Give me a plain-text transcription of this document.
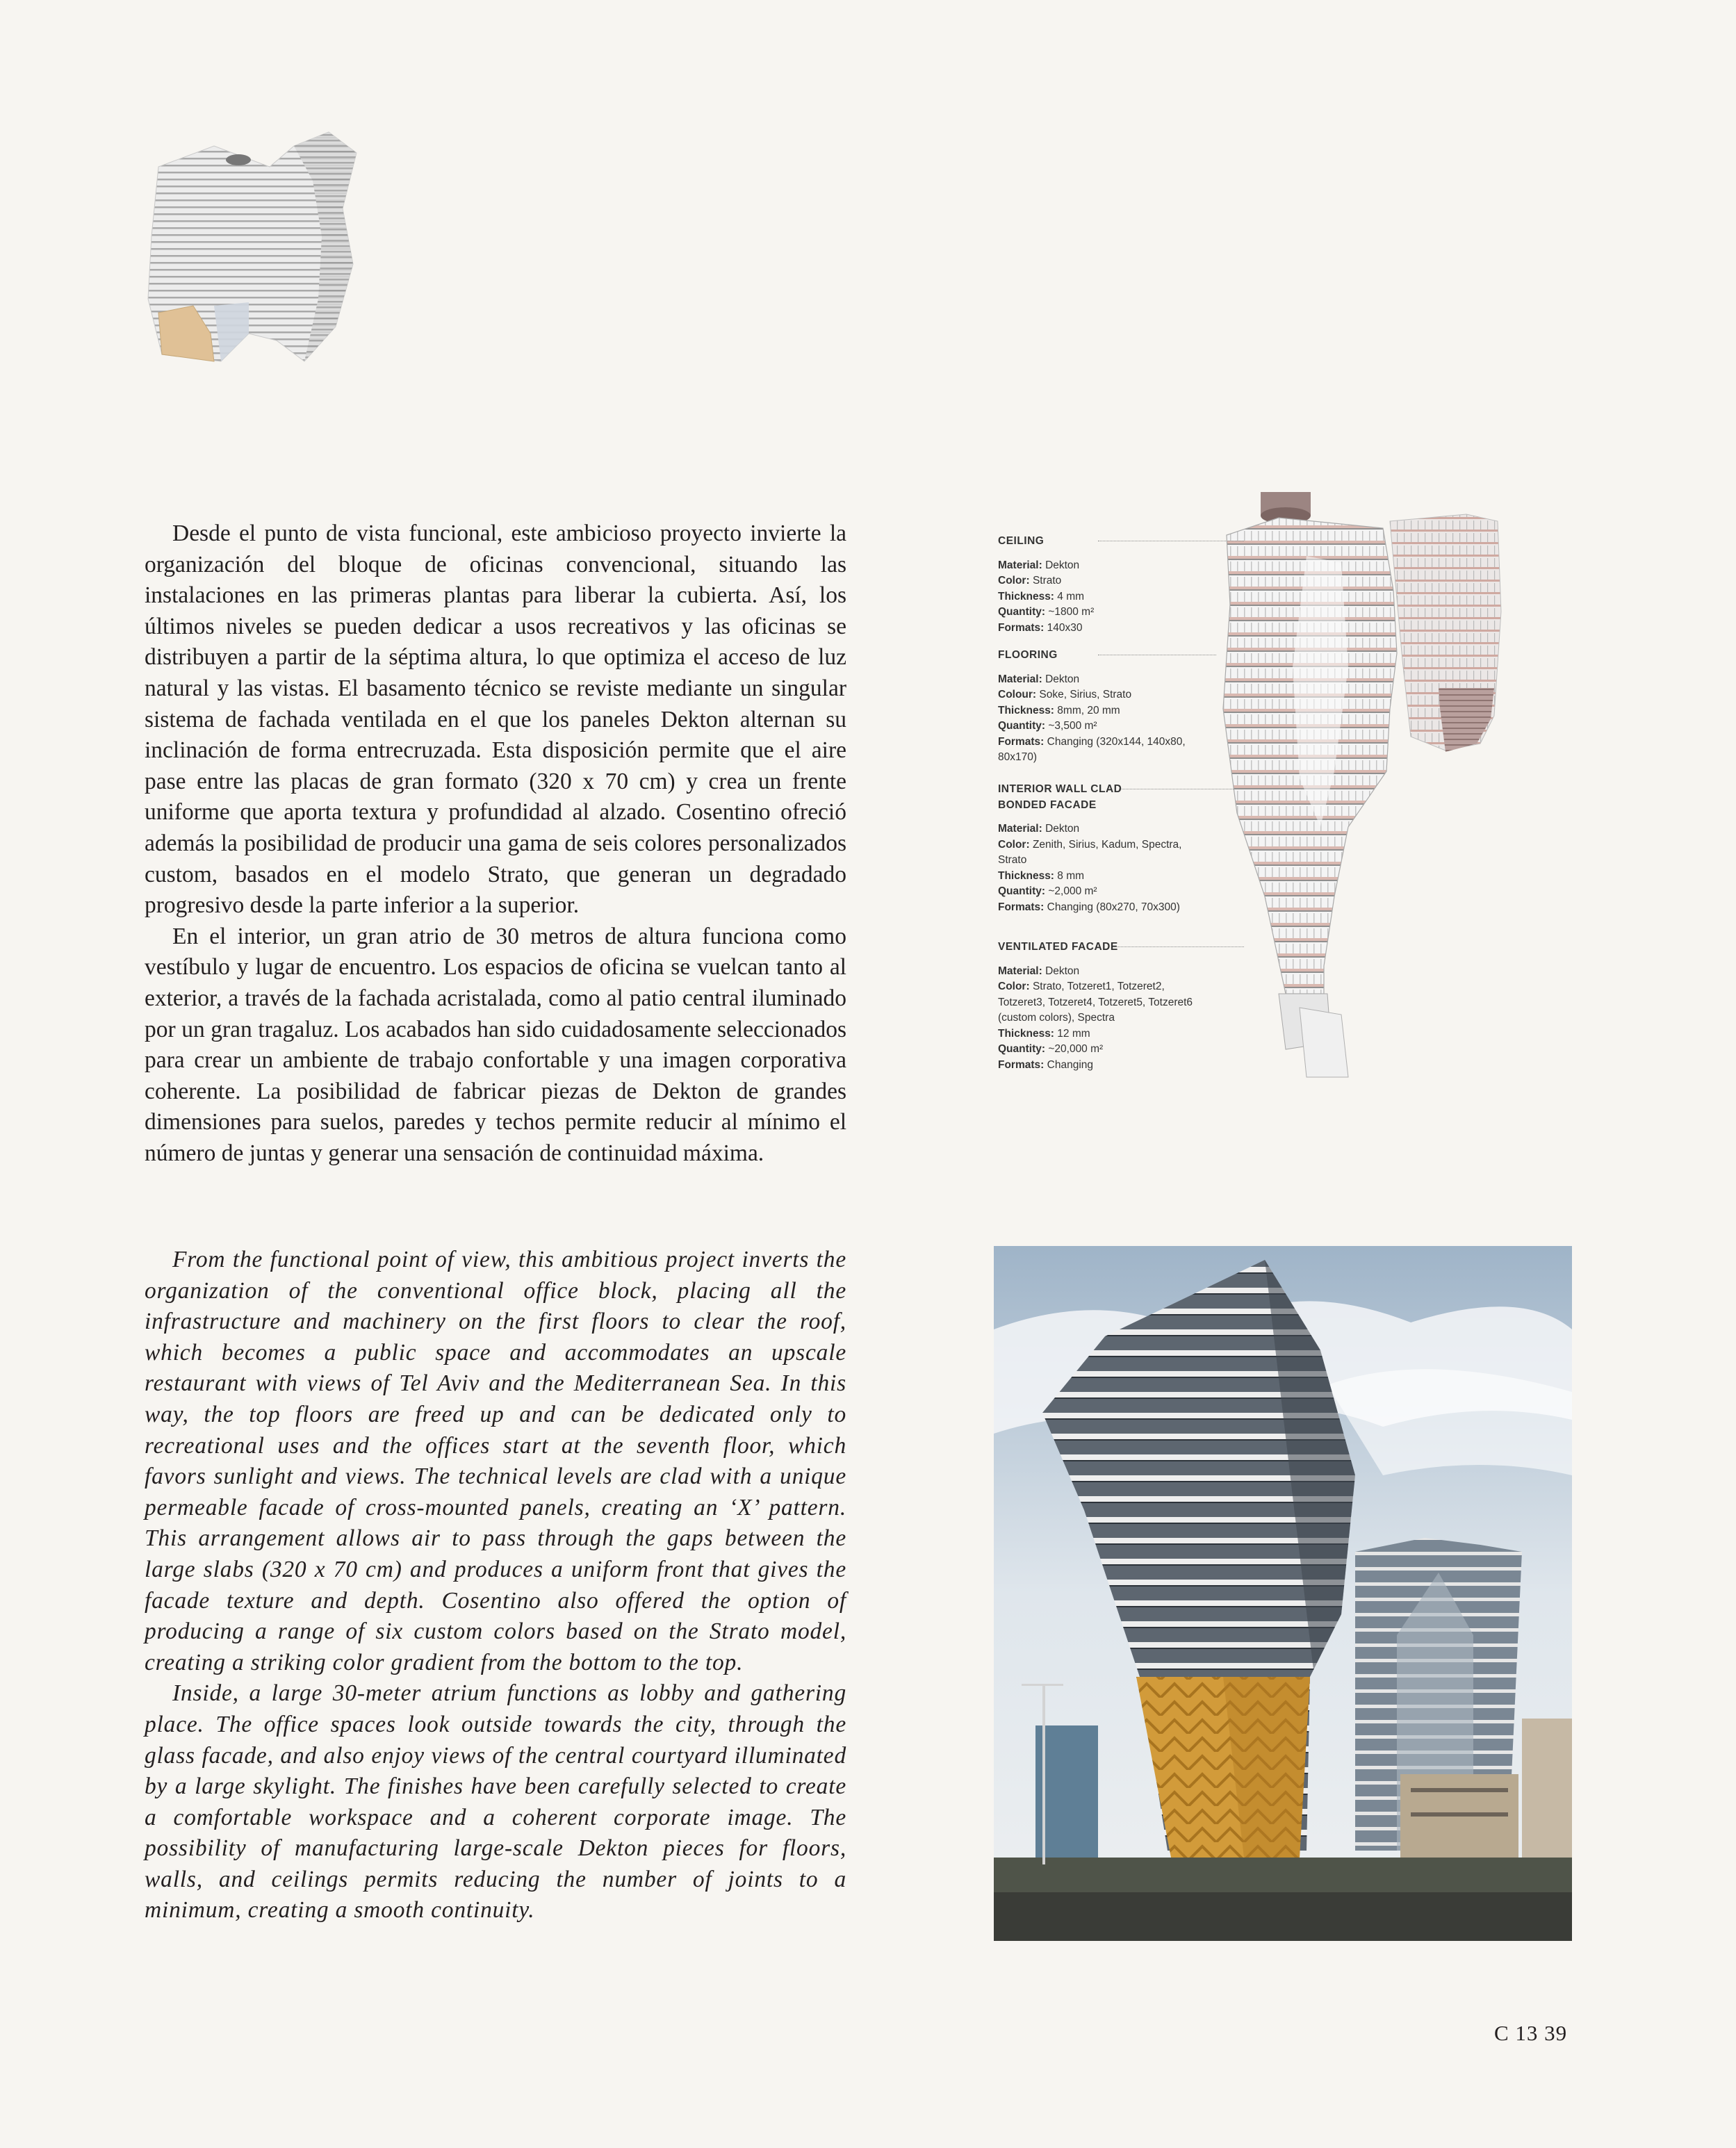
Desde el punto de vista funcional, este ambicioso proyecto invierte la organización del bloque de oficinas convencional, situando las instalaciones en las primeras plantas para liberar la cubierta. Así, los últimos niveles se pueden dedicar a usos recreativos y las oficinas se distribuyen a partir de la séptima altura, lo que optimiza el acceso de luz natural y las vistas. El basamento técnico se reviste mediante un singular sistema de fachada ventilada en el que los paneles Dekton alternan su inclinación de forma entrecruzada. Esta disposición permite que el aire pase entre las placas de gran formato (320 x 70 cm) y crea un frente uniforme que aporta textura y profundidad al alzado. Cosentino ofreció además la posibilidad de producir una gama de seis colores personalizados custom, basados en el modelo Strato, que generan un degradado progresivo desde la parte inferior a la superior.

En el interior, un gran atrio de 30 metros de altura funciona como vestíbulo y lugar de encuentro. Los espacios de oficina se vuelcan tanto al exterior, a través de la fachada acristalada, como al patio central iluminado por un gran tragaluz. Los acabados han sido cuidadosamente seleccionados para crear un ambiente de trabajo confortable y una imagen corporativa coherente. La posibilidad de fabricar piezas de Dekton de grandes dimensiones para suelos, paredes y techos permite reducir al mínimo el número de juntas y generar una sensación de continuidad máxima.

From the functional point of view, this ambitious project inverts the organization of the conventional office block, placing all the infrastructure and machinery on the first floors to clear the roof, which becomes a public space and accommodates an upscale restaurant with views of Tel Aviv and the Mediterranean Sea. In this way, the top floors are freed up and can be dedicated only to recreational uses and the offices start at the seventh floor, which favors sunlight and views. The technical levels are clad with a unique permeable facade of cross-mounted panels, creating an ‘X’ pattern. This arrangement allows air to pass through the gaps between the large slabs (320 x 70 cm) and produces a uniform front that gives the facade texture and depth. Cosentino also offered the option of producing a range of six custom colors based on the Strato model, creating a striking color gradient from the bottom to the top.

Inside, a large 30-meter atrium functions as lobby and gathering place. The office spaces look outside towards the city, through the glass facade, and also enjoy views of the central courtyard illuminated by a large skylight. The finishes have been carefully selected to create a comfortable workspace and a coherent corporate image. The possibility of manufacturing large-scale Dekton pieces for floors, walls, and ceilings permits reducing the number of joints to a minimum, creating a smooth continuity.

CEILING
Material: Dekton
Color: Strato
Thickness: 4 mm
Quantity: ~1800 m²
Formats: 140x30
FLOORING
Material: Dekton
Colour: Soke, Sirius, Strato
Thickness: 8mm, 20 mm
Quantity: ~3,500 m²
Formats: Changing (320x144, 140x80, 80x170)
INTERIOR WALL CLAD
BONDED FACADE
Material: Dekton
Color: Zenith, Sirius, Kadum, Spectra, Strato
Thickness: 8 mm
Quantity: ~2,000 m²
Formats: Changing (80x270, 70x300)
VENTILATED FACADE
Material: Dekton
Color: Strato, Totzeret1, Totzeret2, Totzeret3, Totzeret4, Totzeret5, Totzeret6 (custom colors), Spectra
Thickness: 12 mm
Quantity: ~20,000 m²
Formats: Changing
C 13 39
